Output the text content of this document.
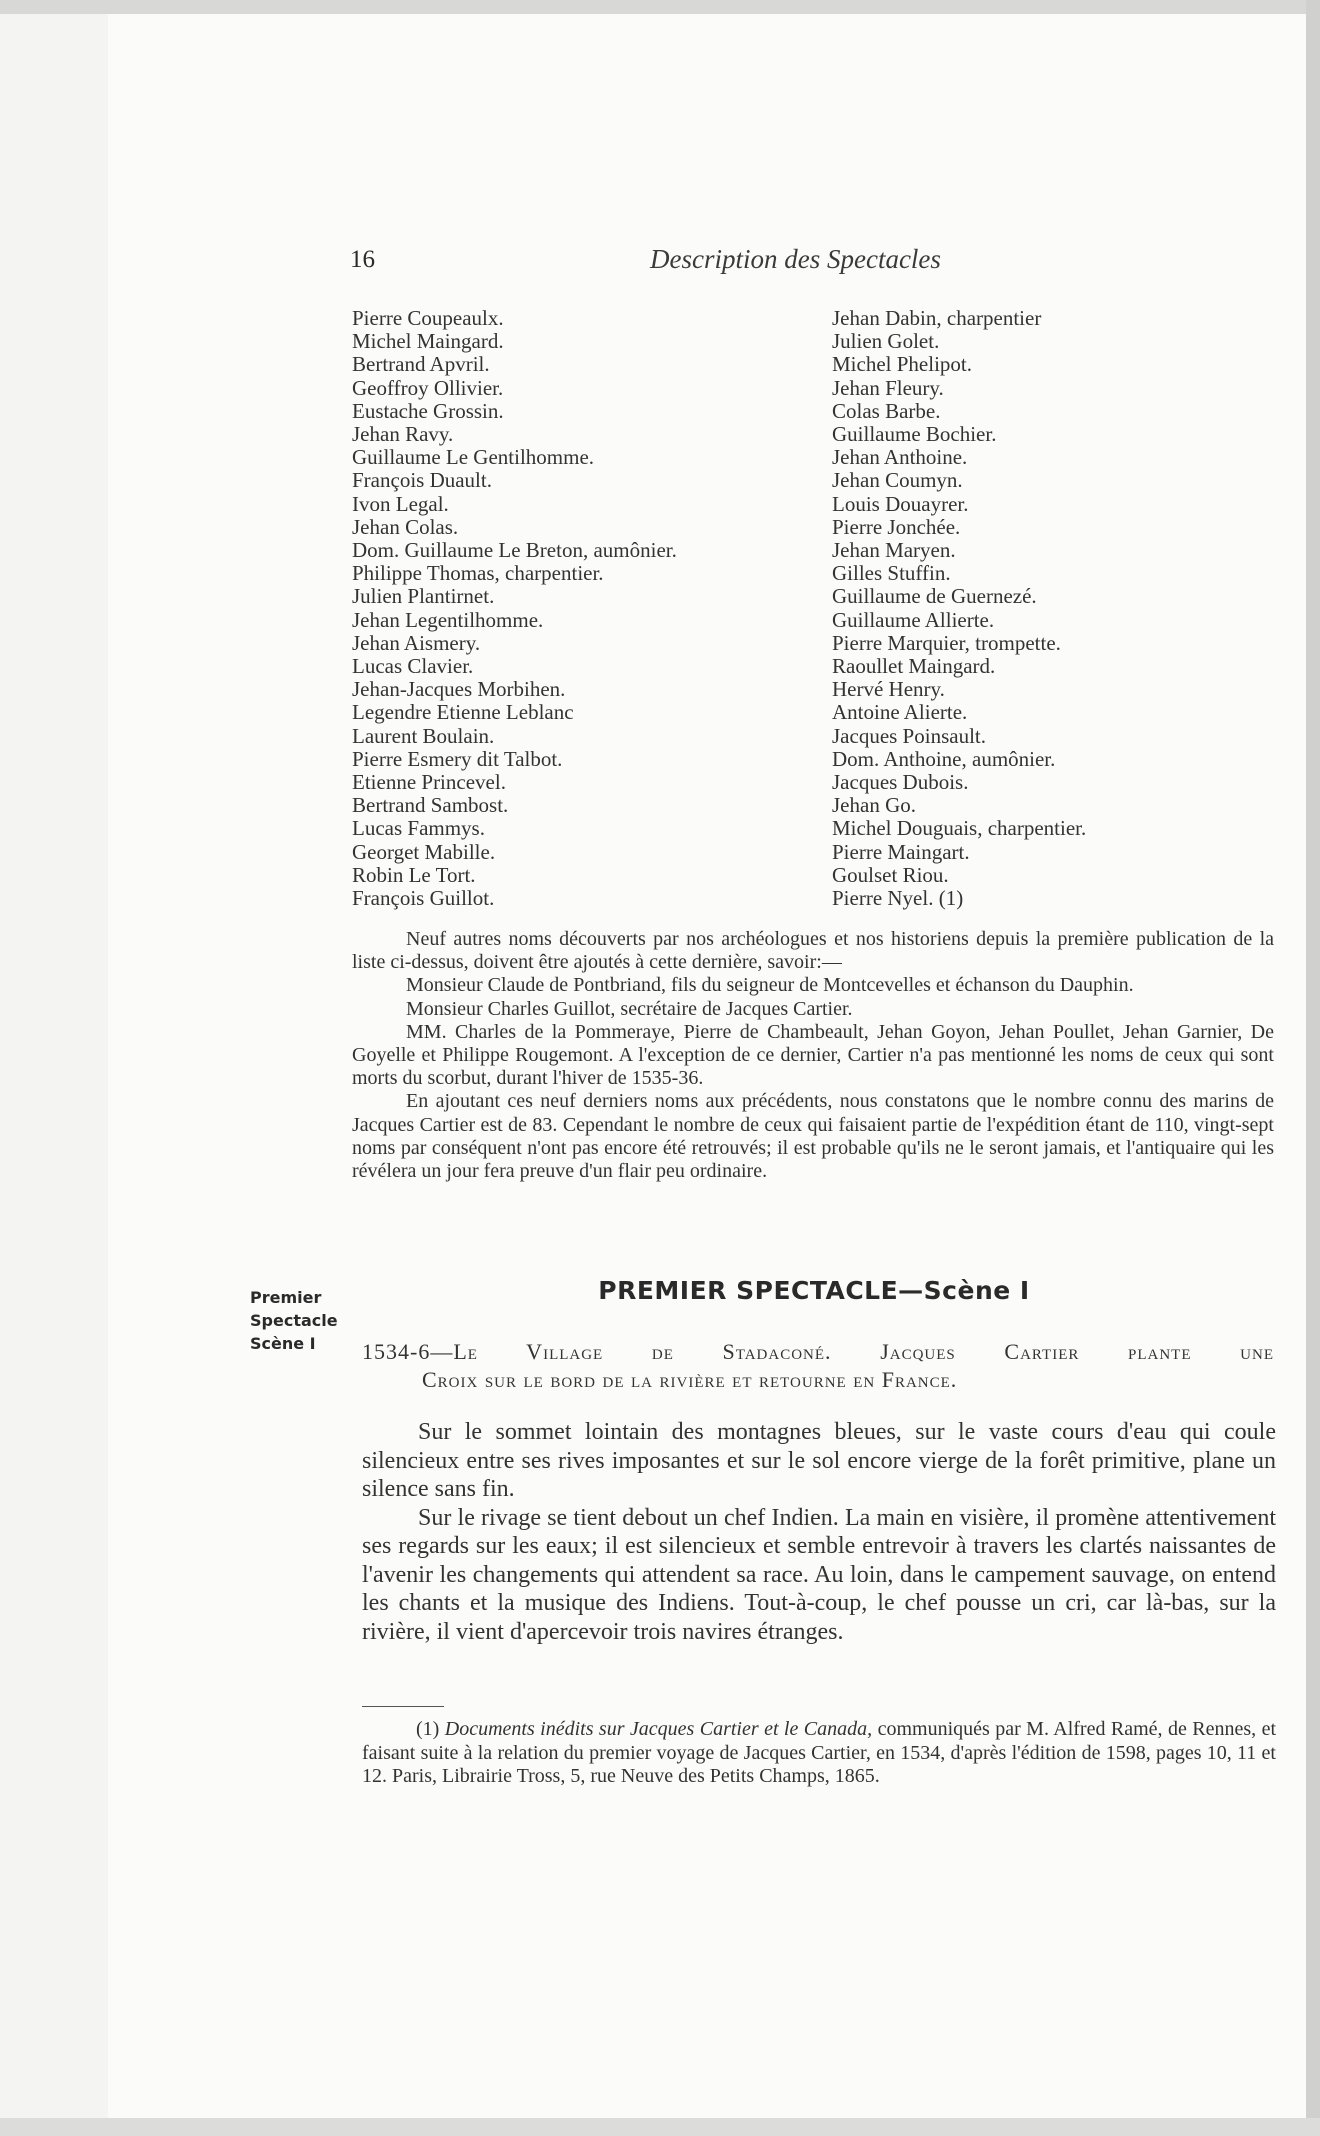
16	Description des Spectacles
Pierre Coupeaulx.
Michel Maingard.
Bertrand Apvril.
Geoffroy Ollivier.
Eustache Grossin.
Jehan Ravy.
Guillaume Le Gentilhomme.
François Duault.
Ivon Legal.
Jehan Colas.
Dom. Guillaume Le Breton, aumônier.
Philippe Thomas, charpentier.
Julien Plantirnet.
Jehan Legentilhomme.
Jehan Aismery.
Lucas Clavier.
Jehan-Jacques Morbihen.
Legendre Etienne Leblanc
Laurent Boulain.
Pierre Esmery dit Talbot.
Etienne Princevel.
Bertrand Sambost.
Lucas Fammys.
Georget Mabille.
Robin Le Tort.
François Guillot.
Jehan Dabin, charpentier
Julien Golet.
Michel Phelipot.
Jehan Fleury.
Colas Barbe.
Guillaume Bochier.
Jehan Anthoine.
Jehan Coumyn.
Louis Douayrer.
Pierre Jonchée.
Jehan Maryen.
Gilles Stuffin.
Guillaume de Guernezé.
Guillaume Allierte.
Pierre Marquier, trompette.
Raoullet Maingard.
Hervé Henry.
Antoine Alierte.
Jacques Poinsault.
Dom. Anthoine, aumônier.
Jacques Dubois.
Jehan Go.
Michel Douguais, charpentier.
Pierre Maingart.
Goulset Riou.
Pierre Nyel. (1)

Neuf autres noms découverts par nos archéologues et nos historiens depuis la première publication de la liste ci-dessus, doivent être ajoutés à cette dernière, savoir:—

Monsieur Claude de Pontbriand, fils du seigneur de Montcevelles et échanson du Dauphin.

Monsieur Charles Guillot, secrétaire de Jacques Cartier.

MM. Charles de la Pommeraye, Pierre de Chambeault, Jehan Goyon, Jehan Poullet, Jehan Garnier, De Goyelle et Philippe Rougemont. A l'exception de ce dernier, Cartier n'a pas mentionné les noms de ceux qui sont morts du scorbut, durant l'hiver de 1535-36.

En ajoutant ces neuf derniers noms aux précédents, nous constatons que le nombre connu des marins de Jacques Cartier est de 83. Cependant le nombre de ceux qui faisaient partie de l'expédition étant de 110, vingt-sept noms par conséquent n'ont pas encore été retrouvés; il est probable qu'ils ne le seront jamais, et l'antiquaire qui les révélera un jour fera preuve d'un flair peu ordinaire.

Premier
Spectacle
Scène I
PREMIER SPECTACLE—Scène I
1534-6—Le Village de Stadaconé. Jacques Cartier plante une
Croix sur le bord de la rivière et retourne en France.

Sur le sommet lointain des montagnes bleues, sur le vaste cours d'eau qui coule silencieux entre ses rives imposantes et sur le sol encore vierge de la forêt primitive, plane un silence sans fin.

Sur le rivage se tient debout un chef Indien. La main en visière, il promène attentivement ses regards sur les eaux; il est silencieux et semble entrevoir à travers les clartés naissantes de l'avenir les changements qui attendent sa race. Au loin, dans le campement sauvage, on entend les chants et la musique des Indiens. Tout-à-coup, le chef pousse un cri, car là-bas, sur la rivière, il vient d'apercevoir trois navires étranges.

(1) Documents inédits sur Jacques Cartier et le Canada, communiqués par M. Alfred Ramé, de Rennes, et faisant suite à la relation du premier voyage de Jacques Cartier, en 1534, d'après l'édition de 1598, pages 10, 11 et 12. Paris, Librairie Tross, 5, rue Neuve des Petits Champs, 1865.
